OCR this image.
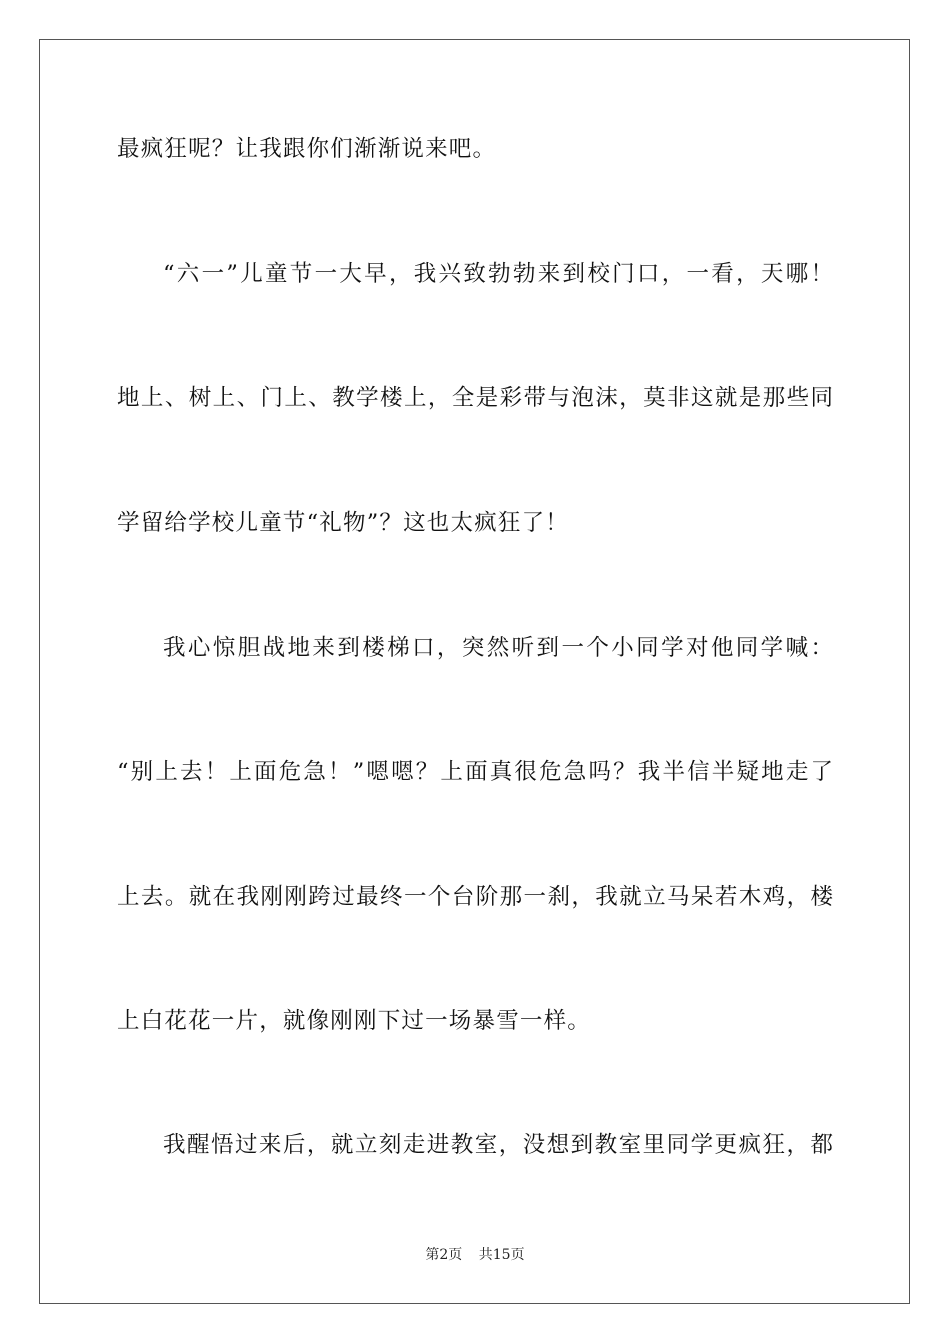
最疯狂呢？让我跟你们渐渐说来吧。
“六一”儿童节一大早，我兴致勃勃来到校门口，一看，天哪！
地上、树上、门上、教学楼上，全是彩带与泡沫，莫非这就是那些同
学留给学校儿童节“礼物”？这也太疯狂了！
我心惊胆战地来到楼梯口，突然听到一个小同学对他同学喊：
“别上去！上面危急！”嗯嗯？上面真很危急吗？我半信半疑地走了
上去。就在我刚刚跨过最终一个台阶那一刹，我就立马呆若木鸡，楼
上白花花一片，就像刚刚下过一场暴雪一样。
我醒悟过来后，就立刻走进教室，没想到教室里同学更疯狂，都
第2页 共15页
